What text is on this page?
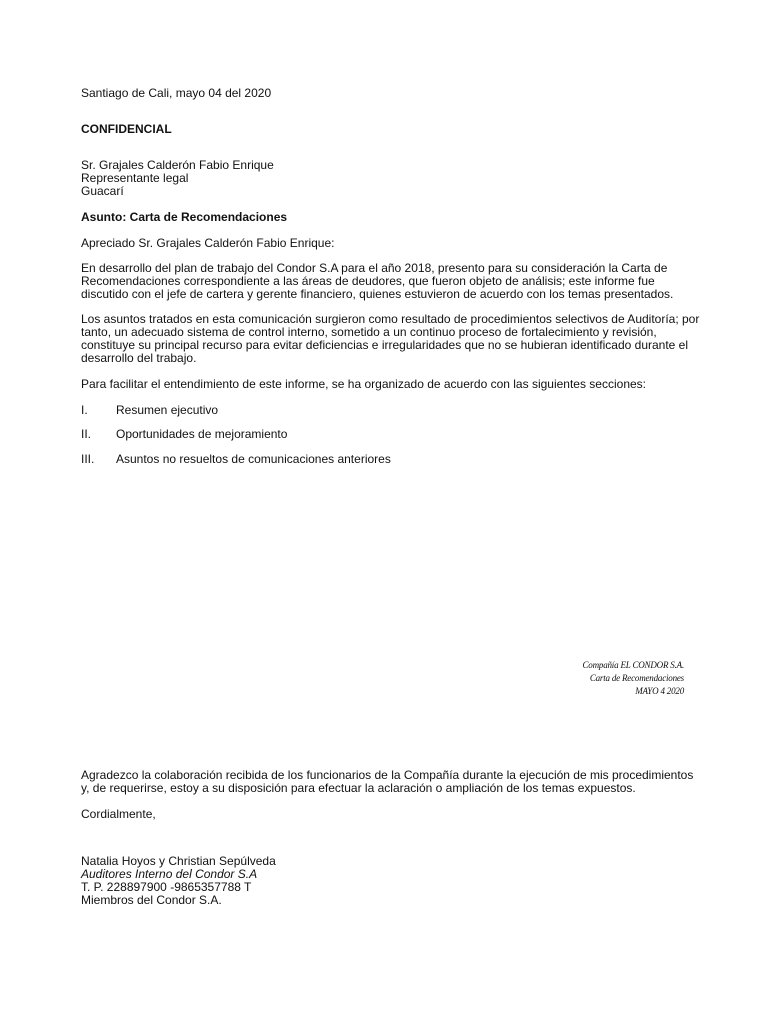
Santiago de Cali, mayo 04 del 2020

CONFIDENCIAL

Sr. Grajales Calderón Fabio Enrique

Representante legal

Guacarí

Asunto: Carta de Recomendaciones

Apreciado Sr. Grajales Calderón Fabio Enrique:

En desarrollo del plan de trabajo del Condor S.A para el año 2018, presento para su consideración la Carta de Recomendaciones correspondiente a las áreas de deudores, que fueron objeto de análisis; este informe fue discutido con el jefe de cartera y gerente financiero, quienes estuvieron de acuerdo con los temas presentados.

Los asuntos tratados en esta comunicación surgieron como resultado de procedimientos selectivos de Auditoría; por tanto, un adecuado sistema de control interno, sometido a un continuo proceso de fortalecimiento y revisión, constituye su principal recurso para evitar deficiencias e irregularidades que no se hubieran identificado durante el desarrollo del trabajo.

Para facilitar el entendimiento de este informe, se ha organizado de acuerdo con las siguientes secciones:

I. Resumen ejecutivo
II. Oportunidades de mejoramiento
III. Asuntos no resueltos de comunicaciones anteriores

Compañía EL CONDOR S.A.

Carta de Recomendaciones

MAYO 4 2020

Agradezco la colaboración recibida de los funcionarios de la Compañía durante la ejecución de mis procedimientos y, de requerirse, estoy a su disposición para efectuar la aclaración o ampliación de los temas expuestos.

Cordialmente,

Natalia Hoyos y Christian Sepúlveda

Auditores Interno del Condor S.A

T. P. 228897900 -9865357788 T

Miembros del Condor S.A.
